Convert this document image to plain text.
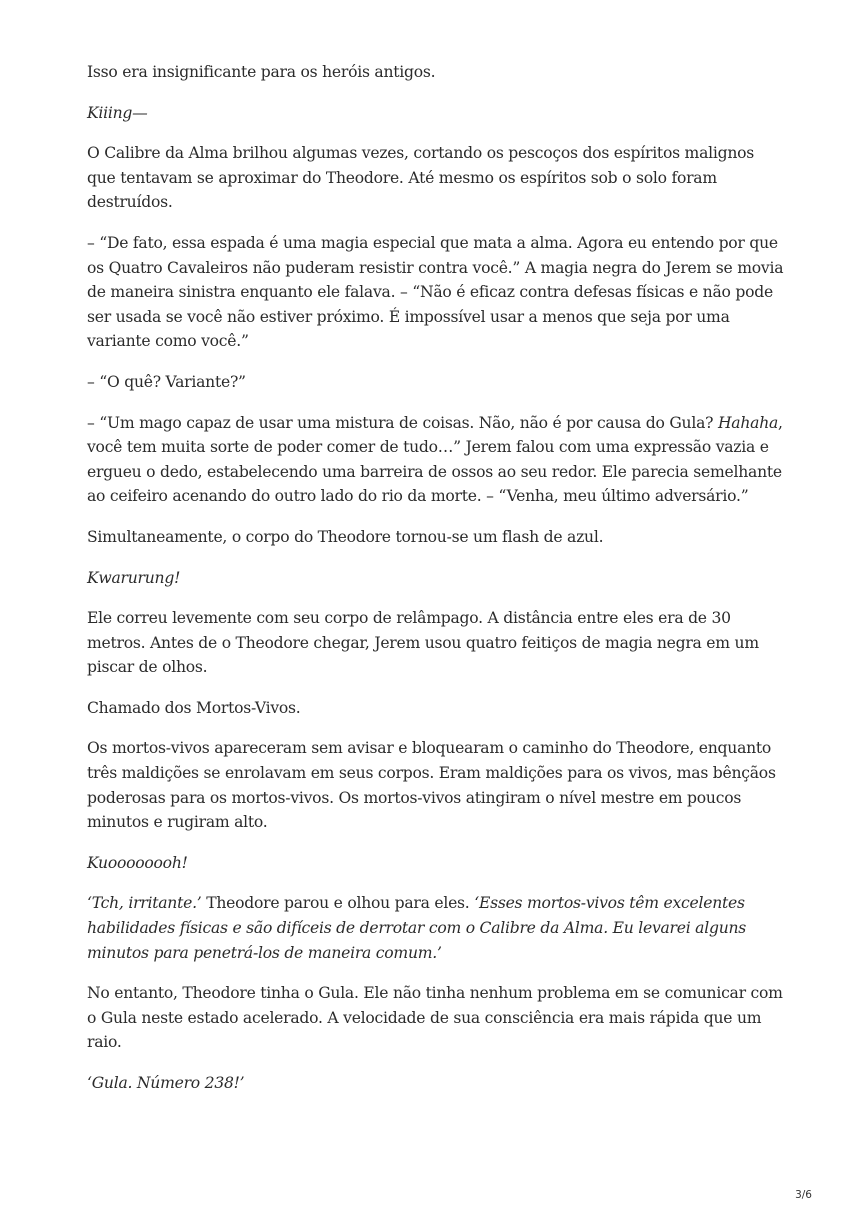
Isso era insignificante para os heróis antigos.

Kiiing—

O Calibre da Alma brilhou algumas vezes, cortando os pescoços dos espíritos malignos que tentavam se aproximar do Theodore. Até mesmo os espíritos sob o solo foram destruídos.

– “De fato, essa espada é uma magia especial que mata a alma. Agora eu entendo por que os Quatro Cavaleiros não puderam resistir contra você.” A magia negra do Jerem se movia de maneira sinistra enquanto ele falava. – “Não é eficaz contra defesas físicas e não pode ser usada se você não estiver próximo. É impossível usar a menos que seja por uma variante como você.”

– “O quê? Variante?”

– “Um mago capaz de usar uma mistura de coisas. Não, não é por causa do Gula? Hahaha, você tem muita sorte de poder comer de tudo…” Jerem falou com uma expressão vazia e ergueu o dedo, estabelecendo uma barreira de ossos ao seu redor. Ele parecia semelhante ao ceifeiro acenando do outro lado do rio da morte. – “Venha, meu último adversário.”

Simultaneamente, o corpo do Theodore tornou-se um flash de azul.

Kwarurung!

Ele correu levemente com seu corpo de relâmpago. A distância entre eles era de 30 metros. Antes de o Theodore chegar, Jerem usou quatro feitiços de magia negra em um piscar de olhos.

Chamado dos Mortos-Vivos.

Os mortos-vivos apareceram sem avisar e bloquearam o caminho do Theodore, enquanto três maldições se enrolavam em seus corpos. Eram maldições para os vivos, mas bênçãos poderosas para os mortos-vivos. Os mortos-vivos atingiram o nível mestre em poucos minutos e rugiram alto.

Kuoooooooh!

‘Tch, irritante.’ Theodore parou e olhou para eles. ‘Esses mortos-vivos têm excelentes habilidades físicas e são difíceis de derrotar com o Calibre da Alma. Eu levarei alguns minutos para penetrá-los de maneira comum.’

No entanto, Theodore tinha o Gula. Ele não tinha nenhum problema em se comunicar com o Gula neste estado acelerado. A velocidade de sua consciência era mais rápida que um raio.

‘Gula. Número 238!’

3/6
